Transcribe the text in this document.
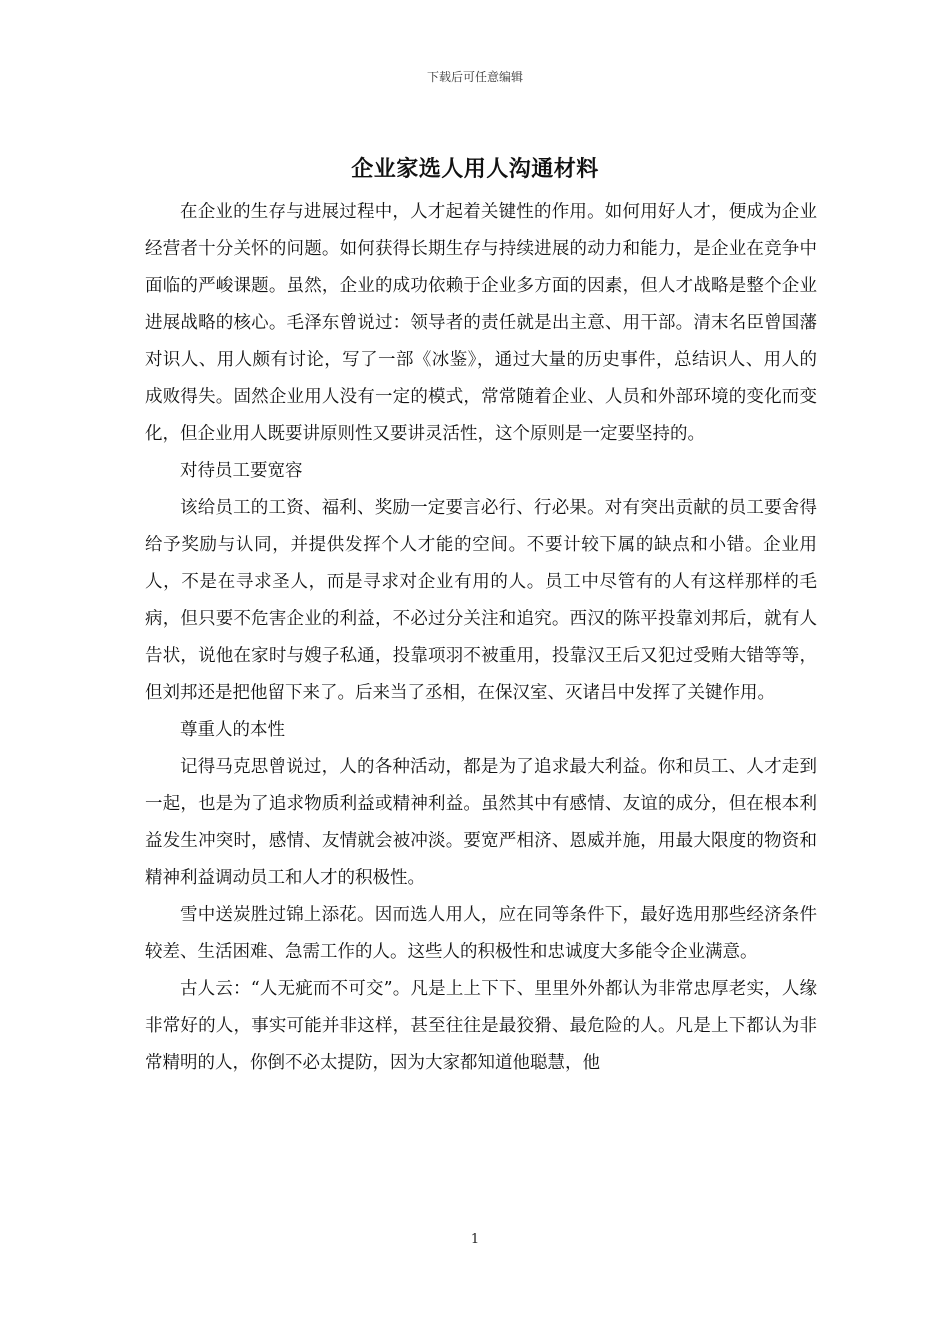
下载后可任意编辑
企业家选人用人沟通材料

在企业的生存与进展过程中，人才起着关键性的作用。如何用好人才，便成为企业经营者十分关怀的问题。如何获得长期生存与持续进展的动力和能力，是企业在竞争中面临的严峻课题。虽然，企业的成功依赖于企业多方面的因素，但人才战略是整个企业进展战略的核心。毛泽东曾说过：领导者的责任就是出主意、用干部。清末名臣曾国藩对识人、用人颇有讨论，写了一部《冰鉴》，通过大量的历史事件，总结识人、用人的成败得失。固然企业用人没有一定的模式，常常随着企业、人员和外部环境的变化而变化，但企业用人既要讲原则性又要讲灵活性，这个原则是一定要坚持的。

对待员工要宽容

该给员工的工资、福利、奖励一定要言必行、行必果。对有突出贡献的员工要舍得给予奖励与认同，并提供发挥个人才能的空间。不要计较下属的缺点和小错。企业用人，不是在寻求圣人，而是寻求对企业有用的人。员工中尽管有的人有这样那样的毛病，但只要不危害企业的利益，不必过分关注和追究。西汉的陈平投靠刘邦后，就有人告状，说他在家时与嫂子私通，投靠项羽不被重用，投靠汉王后又犯过受贿大错等等，但刘邦还是把他留下来了。后来当了丞相，在保汉室、灭诸吕中发挥了关键作用。

尊重人的本性

记得马克思曾说过，人的各种活动，都是为了追求最大利益。你和员工、人才走到一起，也是为了追求物质利益或精神利益。虽然其中有感情、友谊的成分，但在根本利益发生冲突时，感情、友情就会被冲淡。要宽严相济、恩威并施，用最大限度的物资和精神利益调动员工和人才的积极性。

雪中送炭胜过锦上添花。因而选人用人，应在同等条件下，最好选用那些经济条件较差、生活困难、急需工作的人。这些人的积极性和忠诚度大多能令企业满意。

古人云：“人无疵而不可交”。凡是上上下下、里里外外都认为非常忠厚老实，人缘非常好的人，事实可能并非这样，甚至往往是最狡猾、最危险的人。凡是上下都认为非常精明的人，你倒不必太提防，因为大家都知道他聪慧，他

1
